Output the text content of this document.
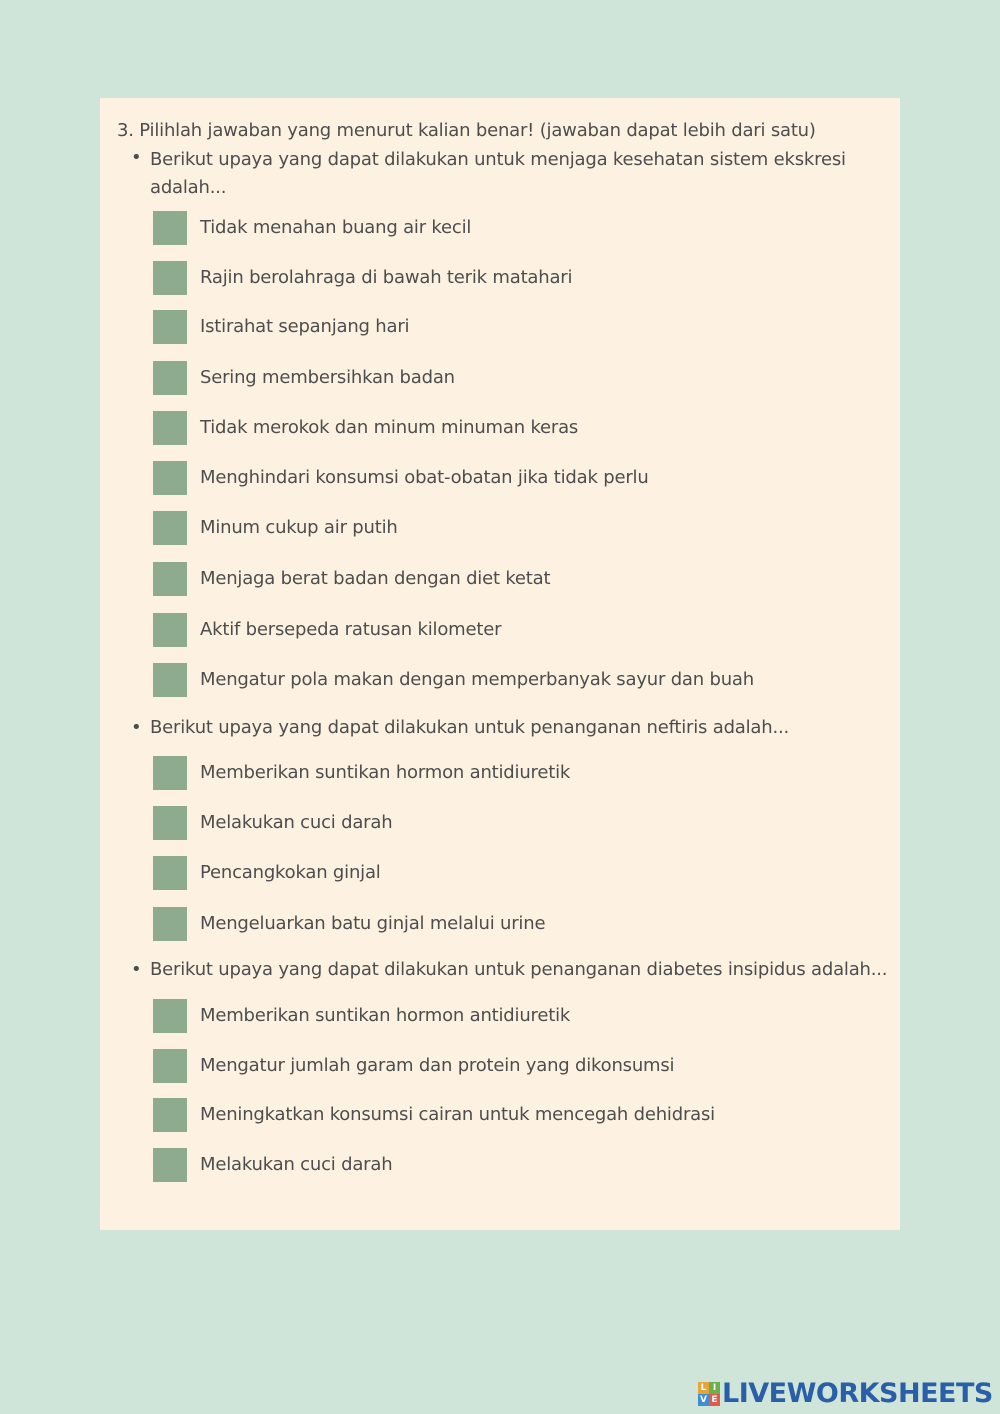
3. Pilihlah jawaban yang menurut kalian benar! (jawaban dapat lebih dari satu)
• Berikut upaya yang dapat dilakukan untuk menjaga kesehatan sistem ekskresi
adalah...
Tidak menahan buang air kecil
Rajin berolahraga di bawah terik matahari
Istirahat sepanjang hari
Sering membersihkan badan
Tidak merokok dan minum minuman keras
Menghindari konsumsi obat-obatan jika tidak perlu
Minum cukup air putih
Menjaga berat badan dengan diet ketat
Aktif bersepeda ratusan kilometer
Mengatur pola makan dengan memperbanyak sayur dan buah
• Berikut upaya yang dapat dilakukan untuk penanganan neftiris adalah...
Memberikan suntikan hormon antidiuretik
Melakukan cuci darah
Pencangkokan ginjal
Mengeluarkan batu ginjal melalui urine
• Berikut upaya yang dapat dilakukan untuk penanganan diabetes insipidus adalah...
Memberikan suntikan hormon antidiuretik
Mengatur jumlah garam dan protein yang dikonsumsi
Meningkatkan konsumsi cairan untuk mencegah dehidrasi
Melakukan cuci darah
L I
V E LIVEWORKSHEETS
